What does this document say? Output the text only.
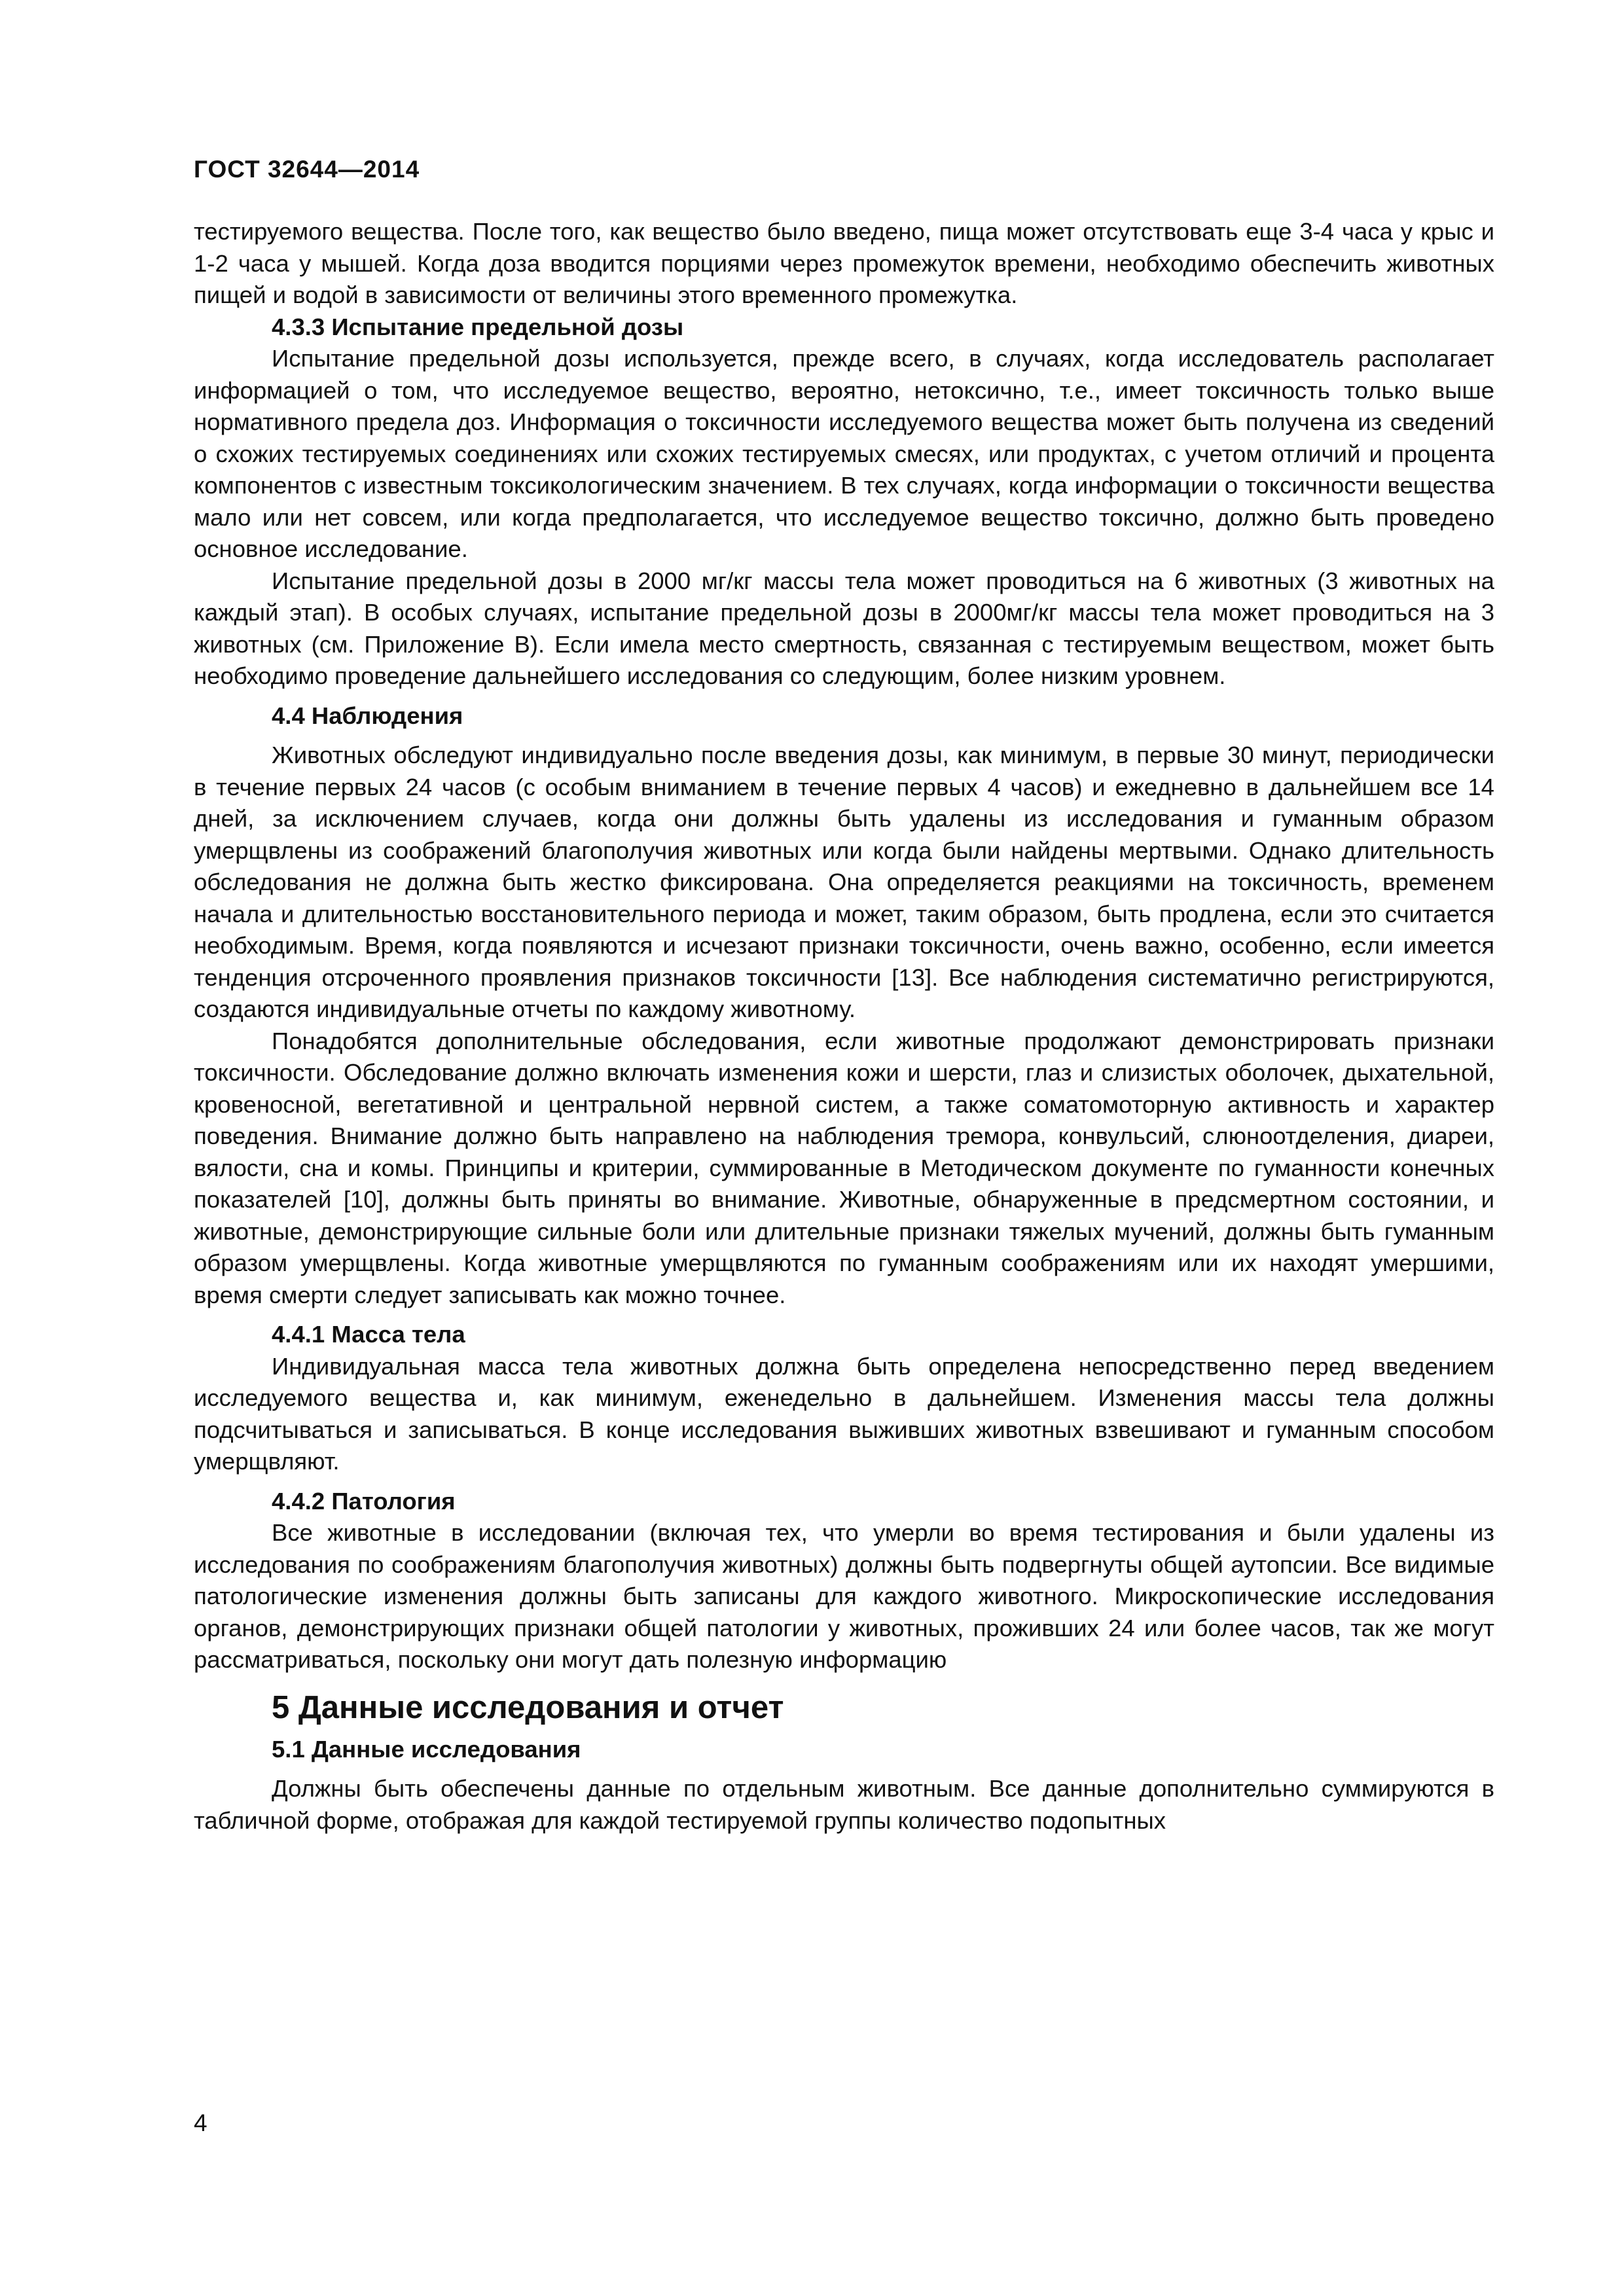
ГОСТ 32644—2014

тестируемого вещества. После того, как вещество было введено, пища может отсутствовать еще 3-4 часа у крыс и 1-2 часа у мышей. Когда доза вводится порциями через промежуток времени, необходимо обеспечить животных пищей и водой в зависимости от величины этого временного промежутка.

4.3.3 Испытание предельной дозы

Испытание предельной дозы используется, прежде всего, в случаях, когда исследователь располагает информацией о том, что исследуемое вещество, вероятно, нетоксично, т.е., имеет токсичность только выше нормативного предела доз. Информация о токсичности исследуемого вещества может быть получена из сведений о схожих тестируемых соединениях или схожих тестируемых смесях, или продуктах, с учетом отличий и процента компонентов с известным токсикологическим значением. В тех случаях, когда информации о токсичности вещества мало или нет совсем, или когда предполагается, что исследуемое вещество токсично, должно быть проведено основное исследование.

Испытание предельной дозы в 2000 мг/кг массы тела может проводиться на 6 животных (3 животных на каждый этап). В особых случаях, испытание предельной дозы в 2000мг/кг массы тела может проводиться на 3 животных (см. Приложение В). Если имела место смертность, связанная с тестируемым веществом, может быть необходимо проведение дальнейшего исследования со следующим, более низким уровнем.

4.4 Наблюдения

Животных обследуют индивидуально после введения дозы, как минимум, в первые 30 минут, периодически в течение первых 24 часов (с особым вниманием в течение первых 4 часов) и ежедневно в дальнейшем все 14 дней, за исключением случаев, когда они должны быть удалены из исследования и гуманным образом умерщвлены из соображений благополучия животных или когда были найдены мертвыми. Однако длительность обследования не должна быть жестко фиксирована. Она определяется реакциями на токсичность, временем начала и длительностью восстановительного периода и может, таким образом, быть продлена, если это считается необходимым. Время, когда появляются и исчезают признаки токсичности, очень важно, особенно, если имеется тенденция отсроченного проявления признаков токсичности [13]. Все наблюдения систематично регистрируются, создаются индивидуальные отчеты по каждому животному.

Понадобятся дополнительные обследования, если животные продолжают демонстрировать признаки токсичности. Обследование должно включать изменения кожи и шерсти, глаз и слизистых оболочек, дыхательной, кровеносной, вегетативной и центральной нервной систем, а также соматомоторную активность и характер поведения. Внимание должно быть направлено на наблюдения тремора, конвульсий, слюноотделения, диареи, вялости, сна и комы. Принципы и критерии, суммированные в Методическом документе по гуманности конечных показателей [10], должны быть приняты во внимание. Животные, обнаруженные в предсмертном состоянии, и животные, демонстрирующие сильные боли или длительные признаки тяжелых мучений, должны быть гуманным образом умерщвлены. Когда животные умерщвляются по гуманным соображениям или их находят умершими, время смерти следует записывать как можно точнее.

4.4.1 Масса тела

Индивидуальная масса тела животных должна быть определена непосредственно перед введением исследуемого вещества и, как минимум, еженедельно в дальнейшем. Изменения массы тела должны подсчитываться и записываться. В конце исследования выживших животных взвешивают и гуманным способом умерщвляют.

4.4.2 Патология

Все животные в исследовании (включая тех, что умерли во время тестирования и были удалены из исследования по соображениям благополучия животных) должны быть подвергнуты общей аутопсии. Все видимые патологические изменения должны быть записаны для каждого животного. Микроскопические исследования органов, демонстрирующих признаки общей патологии у животных, проживших 24 или более часов, так же могут рассматриваться, поскольку они могут дать полезную информацию

5 Данные исследования и отчет
5.1 Данные исследования

Должны быть обеспечены данные по отдельным животным. Все данные дополнительно суммируются в табличной форме, отображая для каждой тестируемой группы количество подопытных

4
